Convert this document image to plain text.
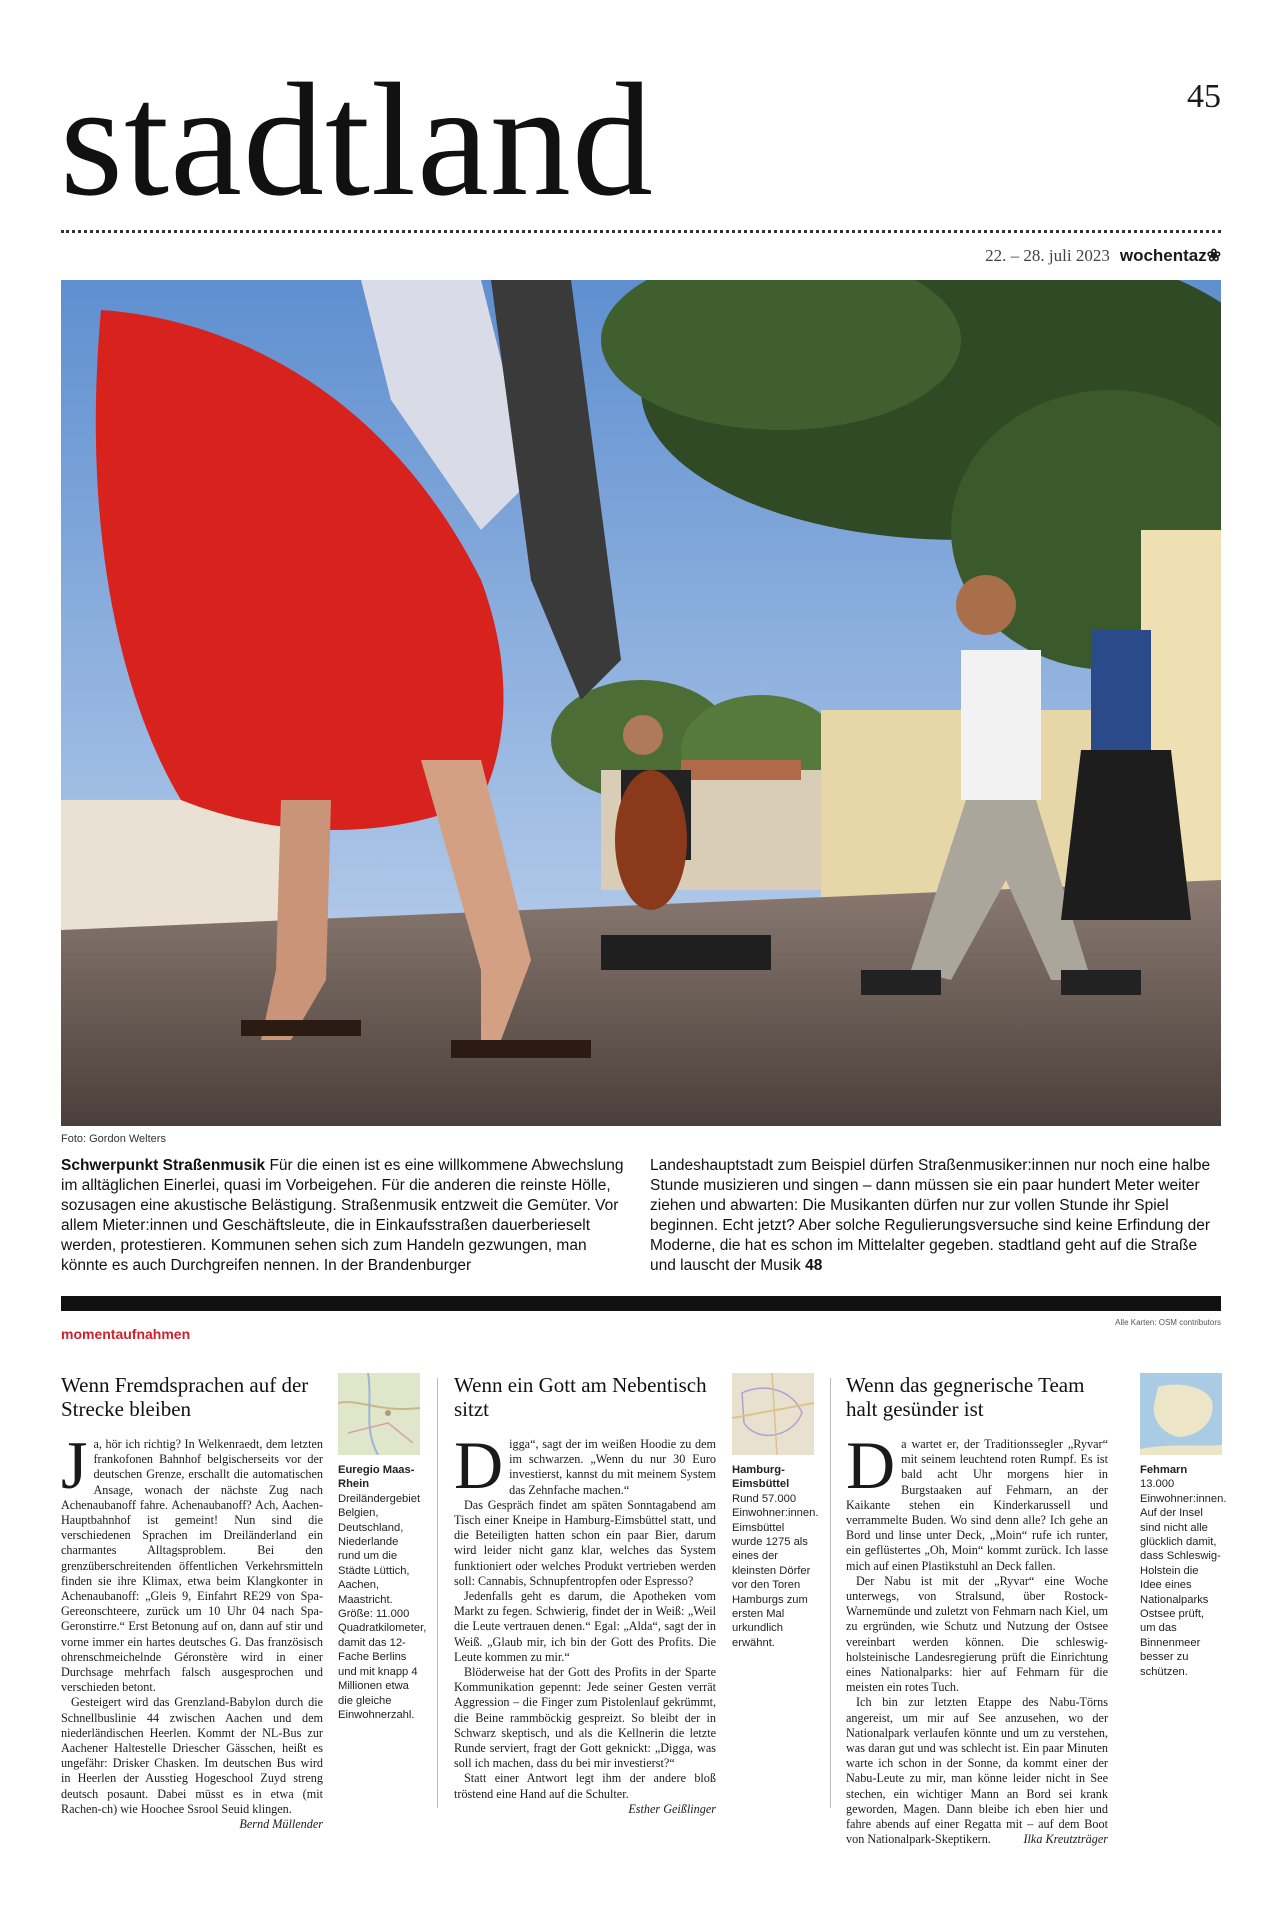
stadtland	45
22. – 28. juli 2023 wochentaz❀
Foto: Gordon Welters
Schwerpunkt Straßenmusik Für die einen ist es eine willkommene Abwechslung im alltäglichen Einerlei, quasi im Vorbeigehen. Für die anderen die reinste Hölle, sozusagen eine akustische Belästigung. Straßenmusik entzweit die Gemüter. Vor allem Mieter:innen und Geschäftsleute, die in Einkaufsstraßen dauerberieselt werden, protestieren. Kommunen sehen sich zum Handeln gezwungen, man könnte es auch Durchgreifen nennen. In der Brandenburger
Landeshauptstadt zum Beispiel dürfen Straßenmusiker:innen nur noch eine halbe Stunde musizieren und singen – dann müssen sie ein paar hundert Meter weiter ziehen und abwarten: Die Musikanten dürfen nur zur vollen Stunde ihr Spiel beginnen. Echt jetzt? Aber solche Regulierungsversuche sind keine Erfindung der Moderne, die hat es schon im Mittelalter gegeben. stadtland geht auf die Straße und lauscht der Musik 48
momentaufnahmen
Alle Karten: OSM contributors
Wenn Fremdsprachen auf der Strecke bleiben

Ja, hör ich richtig? In Welkenraedt, dem letzten frankofonen Bahnhof belgischerseits vor der deutschen Grenze, erschallt die automatischen Ansage, wonach der nächste Zug nach Achenaubanoff fahre. Achenaubanoff? Ach, Aachen-Hauptbahnhof ist gemeint! Nun sind die verschiedenen Sprachen im Dreiländerland ein charmantes Alltagsproblem. Bei den grenzüberschreitenden öffentlichen Verkehrsmitteln finden sie ihre Klimax, etwa beim Klangkonter in Achenaubanoff: „Gleis 9, Einfahrt RE29 von Spa-Gereonschteere, zurück um 10 Uhr 04 nach Spa-Geronstirre.“ Erst Betonung auf on, dann auf stir und vorne immer ein hartes deutsches G. Das französisch ohrenschmeichelnde Géronstère wird in einer Durchsage mehrfach falsch ausgesprochen und verschieden betont.

Gesteigert wird das Grenzland-Babylon durch die Schnellbuslinie 44 zwischen Aachen und dem niederländischen Heerlen. Kommt der NL-Bus zur Aachener Haltestelle Driescher Gässchen, heißt es ungefähr: Drisker Chasken. Im deutschen Bus wird in Heerlen der Ausstieg Hogeschool Zuyd streng deutsch posaunt. Dabei müsst es in etwa (mit Rachen-ch) wie Hoochee Ssrool Seuid klingen.
Bernd Müllender

Euregio Maas-Rhein
Dreiländergebiet Belgien, Deutschland, Niederlande rund um die Städte Lüttich, Aachen, Maastricht. Größe: 11.000 Quadratkilometer, damit das 12-Fache Berlins und mit knapp 4 Millionen etwa die gleiche Einwohnerzahl.
Wenn ein Gott am Nebentisch sitzt

Digga“, sagt der im weißen Hoodie zu dem im schwarzen. „Wenn du nur 30 Euro investierst, kannst du mit meinem System das Zehnfache machen.“

Das Gespräch findet am späten Sonntagabend am Tisch einer Kneipe in Hamburg-Eimsbüttel statt, und die Beteiligten hatten schon ein paar Bier, darum wird leider nicht ganz klar, welches das System funktioniert oder welches Produkt vertrieben werden soll: Cannabis, Schnupfentropfen oder Espresso?

Jedenfalls geht es darum, die Apotheken vom Markt zu fegen. Schwierig, findet der in Weiß: „Weil die Leute vertrauen denen.“ Egal: „Alda“, sagt der in Weiß. „Glaub mir, ich bin der Gott des Profits. Die Leute kommen zu mir.“

Blöderweise hat der Gott des Profits in der Sparte Kommunikation gepennt: Jede seiner Gesten verrät Aggression – die Finger zum Pistolenlauf gekrümmt, die Beine rammböckig gespreizt. So bleibt der in Schwarz skeptisch, und als die Kellnerin die letzte Runde serviert, fragt der Gott geknickt: „Digga, was soll ich machen, dass du bei mir investierst?“

Statt einer Antwort legt ihm der andere bloß tröstend eine Hand auf die Schulter.
Esther Geißlinger

Hamburg-Eimsbüttel
Rund 57.000 Einwohner:innen. Eimsbüttel wurde 1275 als eines der kleinsten Dörfer vor den Toren Hamburgs zum ersten Mal urkundlich erwähnt.
Wenn das gegnerische Team halt gesünder ist

Da wartet er, der Traditionssegler „Ryvar“ mit seinem leuchtend roten Rumpf. Es ist bald acht Uhr morgens hier in Burgstaaken auf Fehmarn, an der Kaikante stehen ein Kinderkarussell und verrammelte Buden. Wo sind denn alle? Ich gehe an Bord und linse unter Deck, „Moin“ rufe ich runter, ein geflüstertes „Oh, Moin“ kommt zurück. Ich lasse mich auf einen Plastikstuhl an Deck fallen.

Der Nabu ist mit der „Ryvar“ eine Woche unterwegs, von Stralsund, über Rostock-Warnemünde und zuletzt von Fehmarn nach Kiel, um zu ergründen, wie Schutz und Nutzung der Ostsee vereinbart werden können. Die schleswig-holsteinische Landesregierung prüft die Einrichtung eines Nationalparks: hier auf Fehmarn für die meisten ein rotes Tuch.

Ich bin zur letzten Etappe des Nabu-Törns angereist, um mir auf See anzusehen, wo der Nationalpark verlaufen könnte und um zu verstehen, was daran gut und was schlecht ist. Ein paar Minuten warte ich schon in der Sonne, da kommt einer der Nabu-Leute zu mir, man könne leider nicht in See stechen, ein wichtiger Mann an Bord sei krank geworden, Magen. Dann bleibe ich eben hier und fahre abends auf einer Regatta mit – auf dem Boot von Nationalpark-Skeptikern.	Ilka Kreutzträger

Fehmarn
13.000 Einwohner:innen. Auf der Insel sind nicht alle glücklich damit, dass Schleswig-Holstein die Idee eines Nationalparks Ostsee prüft, um das Binnenmeer besser zu schützen.
